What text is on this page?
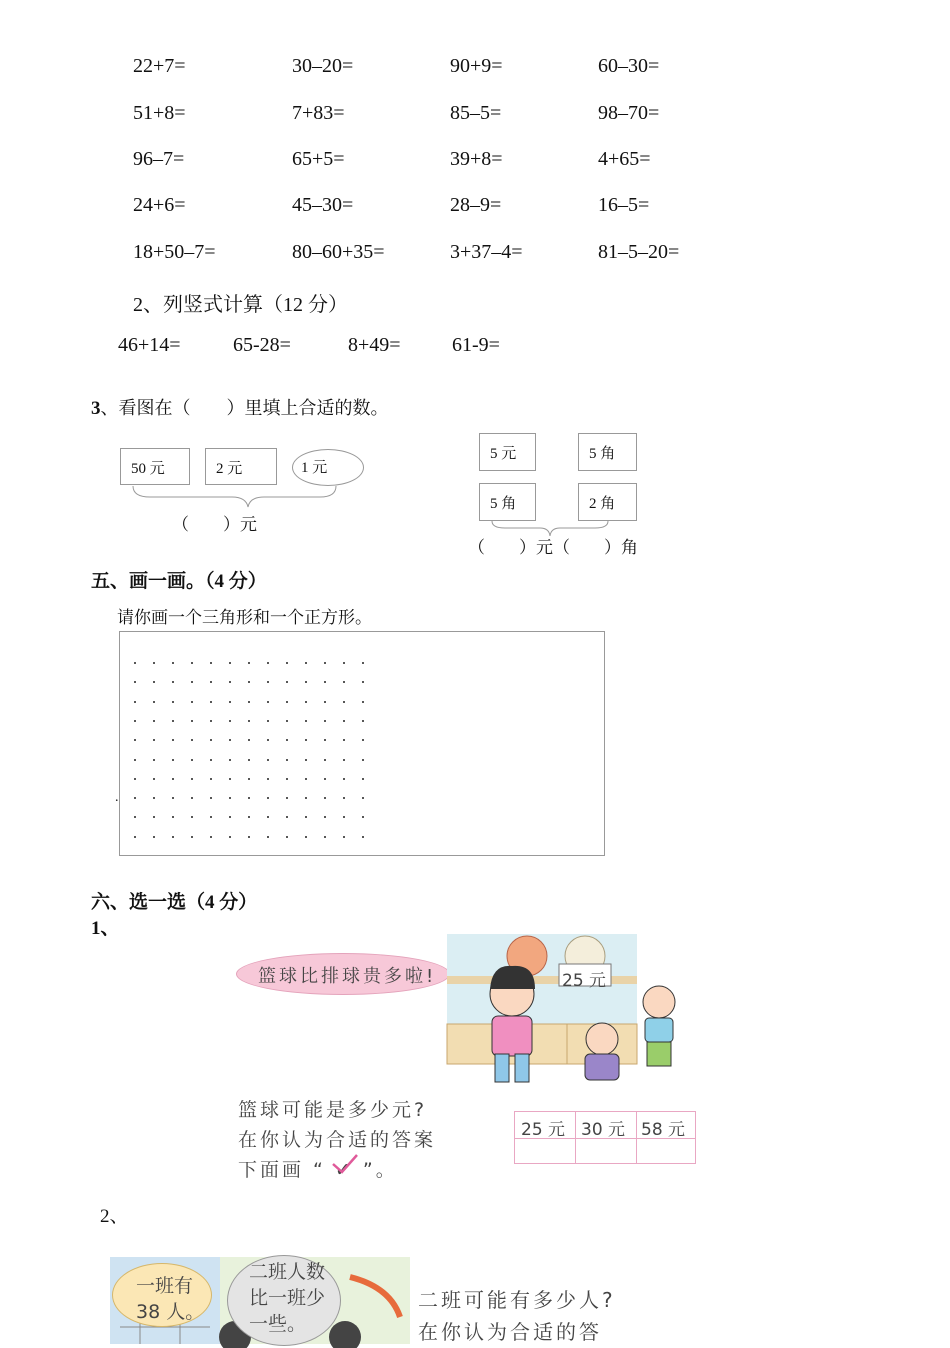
22+7=	30–20=	90+9=	60–30=
51+8=	7+83=	85–5=	98–70=
96–7=	65+5=	39+8=	4+65=
24+6=	45–30=	28–9=	16–5=
18+50–7=	80–60+35=	3+37–4=	81–5–20=
2、列竖式计算（12 分）
46+14=	65-28=	8+49=	61-9=
3、看图在（　　）里填上合适的数。
50 元	2 元	1 元
（　　）元
5 元	5 角
5 角	2 角
（　　）元（　　）角
五、画一画。（4 分）
请你画一个三角形和一个正方形。
.
六、选一选（4 分）
1、
篮球比排球贵多啦!	25 元
篮球可能是多少元?
在你认为合适的答案
下面画 “ ✓ ”。
25 元 30 元 58 元
2、
一班有
38 人。
二班人数
比一班少
一些。
二班可能有多少人?
在你认为合适的答
